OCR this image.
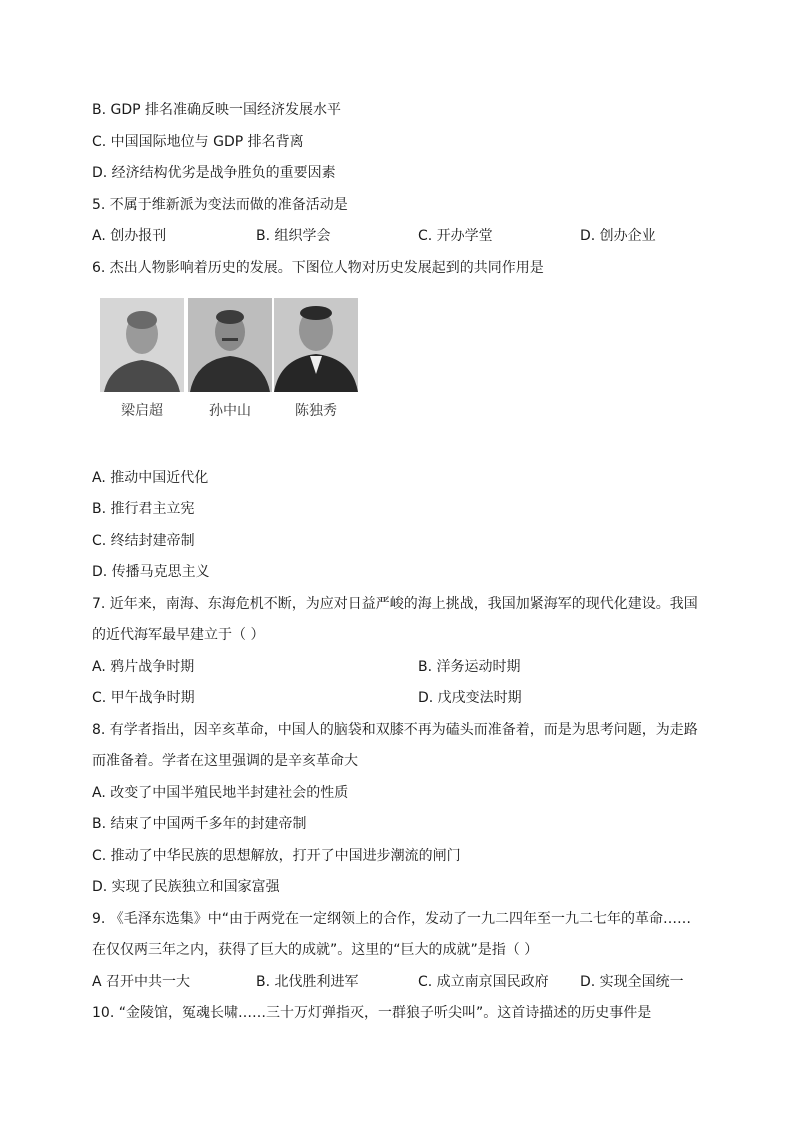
B. GDP 排名准确反映一国经济发展水平
C. 中国国际地位与 GDP 排名背离
D. 经济结构优劣是战争胜负的重要因素
5. 不属于维新派为变法而做的准备活动是
A. 创办报刊	B. 组织学会	C. 开办学堂	D. 创办企业
6. 杰出人物影响着历史的发展。下图位人物对历史发展起到的共同作用是
梁启超	孙中山	陈独秀
A. 推动中国近代化
B. 推行君主立宪
C. 终结封建帝制
D. 传播马克思主义
7. 近年来，南海、东海危机不断，为应对日益严峻的海上挑战，我国加紧海军的现代化建设。我国
的近代海军最早建立于（ ）
A. 鸦片战争时期	B. 洋务运动时期
C. 甲午战争时期	D. 戊戌变法时期
8. 有学者指出，因辛亥革命，中国人的脑袋和双膝不再为磕头而准备着，而是为思考问题，为走路
而准备着。学者在这里强调的是辛亥革命大
A. 改变了中国半殖民地半封建社会的性质
B. 结束了中国两千多年的封建帝制
C. 推动了中华民族的思想解放，打开了中国进步潮流的闸门
D. 实现了民族独立和国家富强
9. 《毛泽东选集》中“由于两党在一定纲领上的合作，发动了一九二四年至一九二七年的革命……
在仅仅两三年之内，获得了巨大的成就”。这里的“巨大的成就”是指（ ）
A 召开中共一大	B. 北伐胜利进军	C. 成立南京国民政府 D. 实现全国统一
10. “金陵馆，冤魂长啸……三十万灯弹指灭，一群狼子听尖叫”。这首诗描述的历史事件是
